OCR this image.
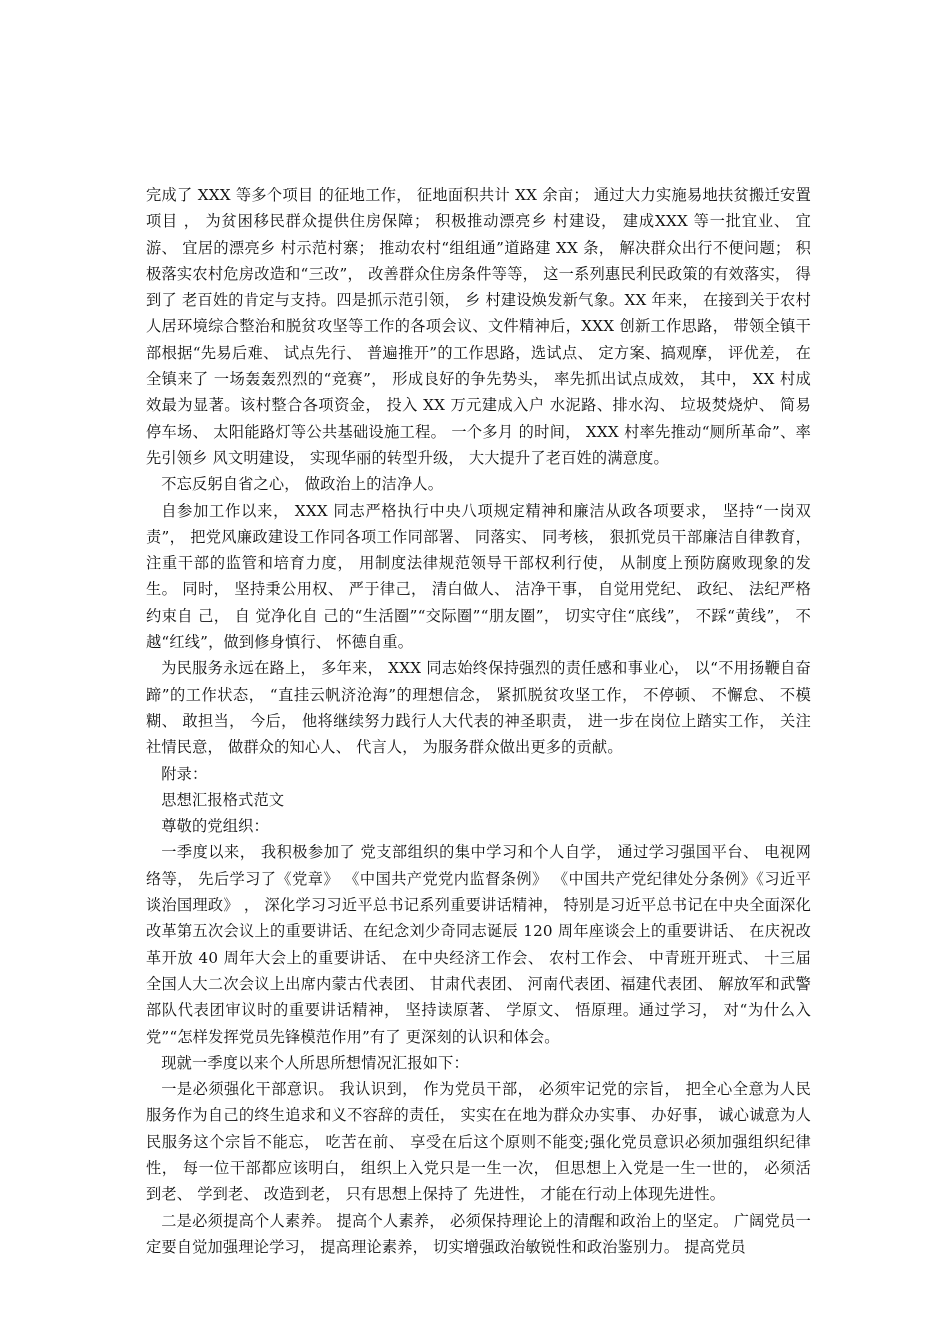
完成了 XXX 等多个项目 的征地工作， 征地面积共计 XX 余亩； 通过大力实施易地扶贫搬迁安置项目 ， 为贫困移民群众提供住房保障； 积极推动漂亮乡 村建设， 建成XXX 等一批宜业、 宜游、 宜居的漂亮乡 村示范村寨； 推动农村“组组通”道路建 XX 条， 解决群众出行不便问题； 积极落实农村危房改造和“三改”， 改善群众住房条件等等， 这一系列惠民利民政策的有效落实， 得到了 老百姓的肯定与支持。四是抓示范引领， 乡 村建设焕发新气象。XX 年来， 在接到关于农村人居环境综合整治和脱贫攻坚等工作的各项会议、文件精神后，XXX 创新工作思路， 带领全镇干部根据“先易后难、 试点先行、 普遍推开”的工作思路，选试点、 定方案、搞观摩， 评优差， 在全镇来了 一场轰轰烈烈的“竞赛”， 形成良好的争先势头， 率先抓出试点成效， 其中， XX 村成效最为显著。该村整合各项资金， 投入 XX 万元建成入户 水泥路、排水沟、 垃圾焚烧炉、 简易停车场、 太阳能路灯等公共基础设施工程。 一个多月 的时间， XXX 村率先推动“厕所革命”、率先引领乡 风文明建设， 实现华丽的转型升级， 大大提升了老百姓的满意度。

不忘反躬自省之心， 做政治上的洁净人。

自参加工作以来， XXX 同志严格执行中央八项规定精神和廉洁从政各项要求， 坚持“一岗双责”， 把党风廉政建设工作同各项工作同部署、 同落实、 同考核， 狠抓党员干部廉洁自律教育， 注重干部的监管和培育力度， 用制度法律规范领导干部权利行使， 从制度上预防腐败现象的发生。 同时， 坚持秉公用权、 严于律己， 清白做人、 洁净干事， 自觉用党纪、 政纪、 法纪严格约束自 己， 自 觉净化自 己的“生活圈”“交际圈”“朋友圈”， 切实守住“底线”， 不踩“黄线”， 不越“红线”，做到修身慎行、 怀德自重。

为民服务永远在路上， 多年来， XXX 同志始终保持强烈的责任感和事业心， 以“不用扬鞭自奋蹄”的工作状态， “直挂云帆济沧海”的理想信念， 紧抓脱贫攻坚工作， 不停顿、 不懈怠、 不模糊、 敢担当， 今后， 他将继续努力践行人大代表的神圣职责， 进一步在岗位上踏实工作， 关注社情民意， 做群众的知心人、 代言人， 为服务群众做出更多的贡献。

附录：

思想汇报格式范文

尊敬的党组织：

一季度以来， 我积极参加了 党支部组织的集中学习和个人自学， 通过学习强国平台、 电视网络等， 先后学习了《党章》 《中国共产党党内监督条例》 《中国共产党纪律处分条例》《习近平谈治国理政》 ， 深化学习习近平总书记系列重要讲话精神， 特别是习近平总书记在中央全面深化改革第五次会议上的重要讲话、在纪念刘少奇同志诞辰 120 周年座谈会上的重要讲话、 在庆祝改革开放 40 周年大会上的重要讲话、 在中央经济工作会、 农村工作会、 中青班开班式、 十三届全国人大二次会议上出席内蒙古代表团、 甘肃代表团、 河南代表团、福建代表团、 解放军和武警部队代表团审议时的重要讲话精神， 坚持读原著、 学原文、 悟原理。通过学习， 对“为什么入党”“怎样发挥党员先锋模范作用”有了 更深刻的认识和体会。

现就一季度以来个人所思所想情况汇报如下：

一是必须强化干部意识。 我认识到， 作为党员干部， 必须牢记党的宗旨， 把全心全意为人民服务作为自己的终生追求和义不容辞的责任， 实实在在地为群众办实事、 办好事， 诚心诚意为人民服务这个宗旨不能忘， 吃苦在前、 享受在后这个原则不能变;强化党员意识必须加强组织纪律性， 每一位干部都应该明白， 组织上入党只是一生一次， 但思想上入党是一生一世的， 必须活到老、 学到老、 改造到老， 只有思想上保持了 先进性， 才能在行动上体现先进性。

二是必须提高个人素养。 提高个人素养， 必须保持理论上的清醒和政治上的坚定。 广阔党员一定要自觉加强理论学习， 提高理论素养， 切实增强政治敏锐性和政治鉴别力。 提高党员
